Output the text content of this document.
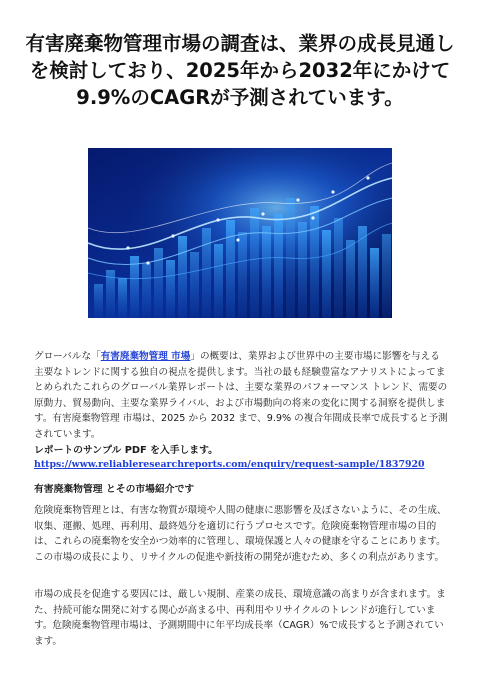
有害廃棄物管理市場の調査は、業界の成長見通しを検討しており、2025年から2032年にかけて9.9%のCAGRが予測されています。
グローバルな「有害廃棄物管理 市場」の概要は、業界および世界中の主要市場に影響を与える主要なトレンドに関する独自の視点を提供します。当社の最も経験豊富なアナリストによってまとめられたこれらのグローバル業界レポートは、主要な業界のパフォーマンス トレンド、需要の原動力、貿易動向、主要な業界ライバル、および市場動向の将来の変化に関する洞察を提供します。有害廃棄物管理 市場は、2025 から 2032 まで、9.9% の複合年間成長率で成長すると予測されています。
レポートのサンプル PDF を入手します。
https://www.reliableresearchreports.com/enquiry/request-sample/1837920
有害廃棄物管理 とその市場紹介です
危険廃棄物管理とは、有害な物質が環境や人間の健康に悪影響を及ぼさないように、その生成、収集、運搬、処理、再利用、最終処分を適切に行うプロセスです。危険廃棄物管理市場の目的は、これらの廃棄物を安全かつ効率的に管理し、環境保護と人々の健康を守ることにあります。この市場の成長により、リサイクルの促進や新技術の開発が進むため、多くの利点があります。
市場の成長を促進する要因には、厳しい規制、産業の成長、環境意識の高まりが含まれます。また、持続可能な開発に対する関心が高まる中、再利用やリサイクルのトレンドが進行しています。危険廃棄物管理市場は、予測期間中に年平均成長率（CAGR）%で成長すると予測されています。
